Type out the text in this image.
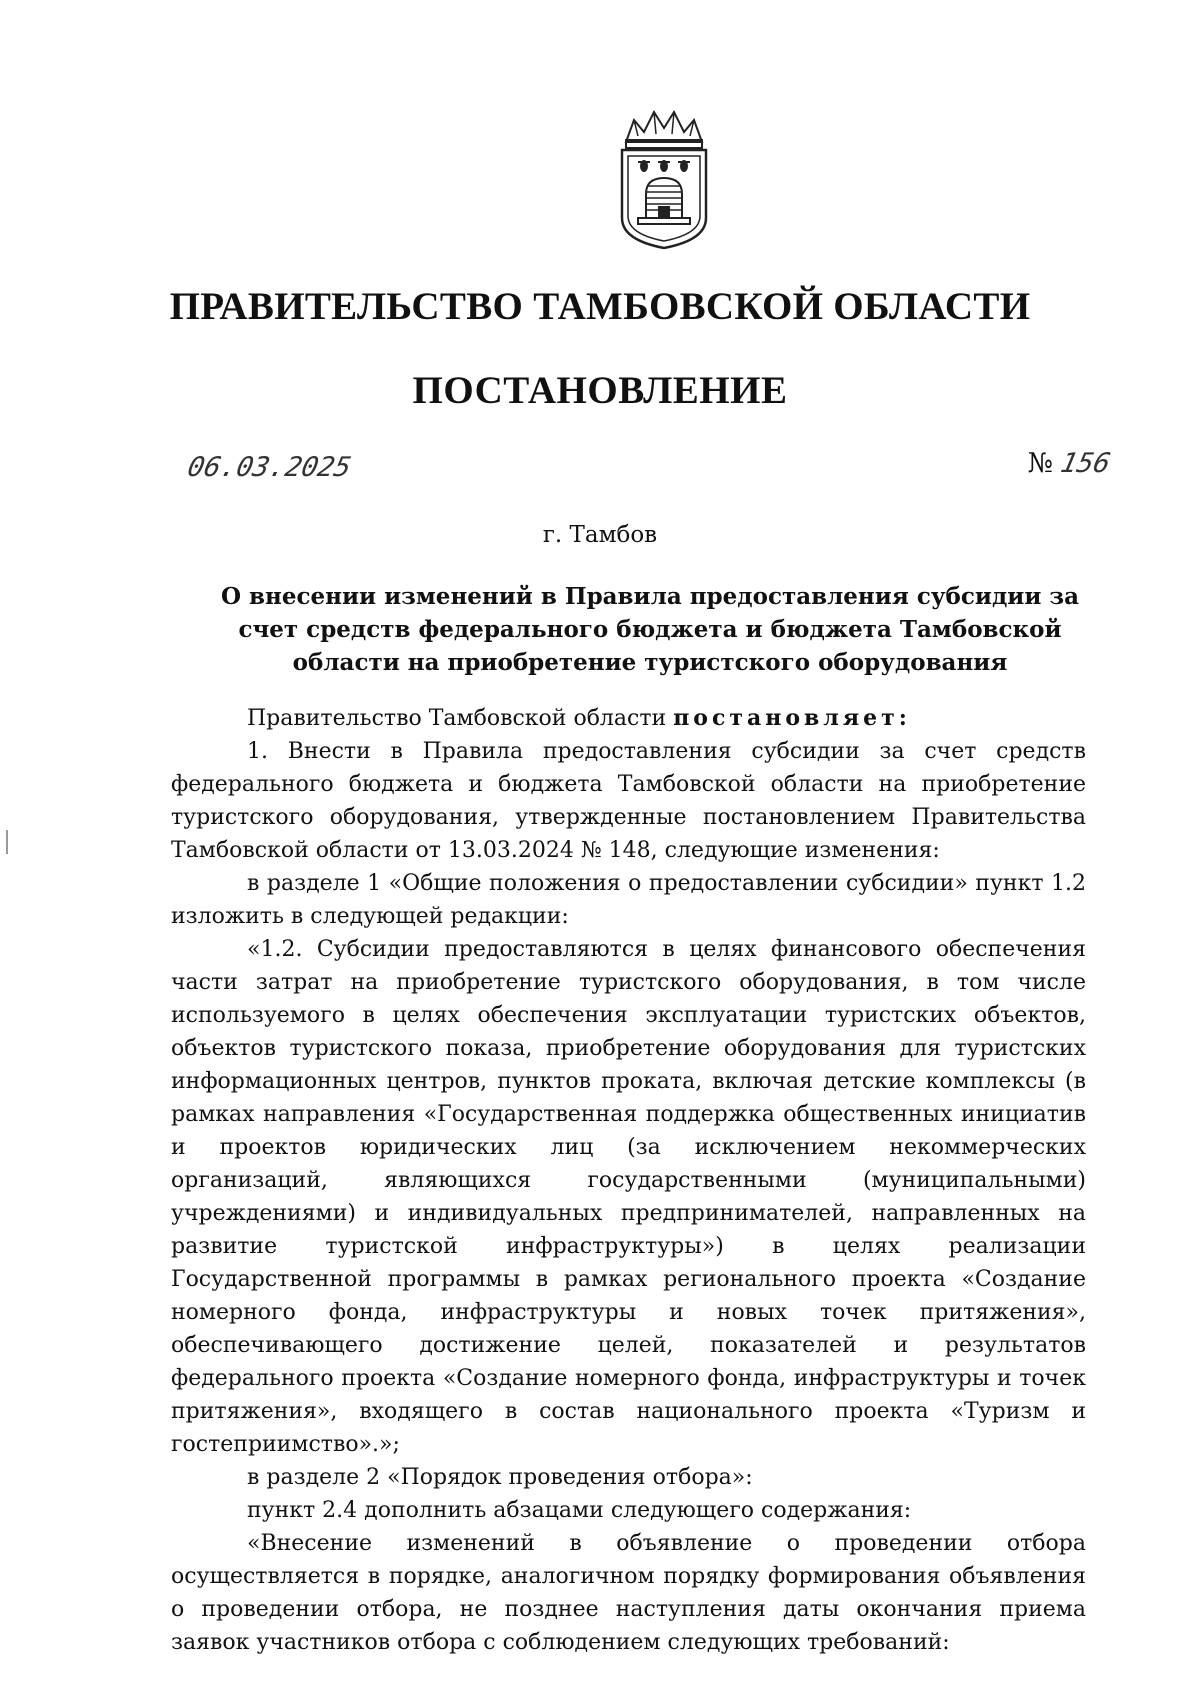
ПРАВИТЕЛЬСТВО ТАМБОВСКОЙ ОБЛАСТИ
ПОСТАНОВЛЕНИЕ
06.03.2025	№ 156
г. Тамбов
О внесении изменений в Правила предоставления субсидии за счет средств федерального бюджета и бюджета Тамбовской области на приобретение туристского оборудования

Правительство Тамбовской области постановляет:

1. Внести в Правила предоставления субсидии за счет средств федерального бюджета и бюджета Тамбовской области на приобретение туристского оборудования, утвержденные постановлением Правительства Тамбовской области от 13.03.2024 № 148, следующие изменения:

в разделе 1 «Общие положения о предоставлении субсидии» пункт 1.2 изложить в следующей редакции:

«1.2. Субсидии предоставляются в целях финансового обеспечения части затрат на приобретение туристского оборудования, в том числе используемого в целях обеспечения эксплуатации туристских объектов, объектов туристского показа, приобретение оборудования для туристских информационных центров, пунктов проката, включая детские комплексы (в рамках направления «Государственная поддержка общественных инициатив и проектов юридических лиц (за исключением некоммерческих организаций, являющихся государственными (муниципальными) учреждениями) и индивидуальных предпринимателей, направленных на развитие туристской инфраструктуры») в целях реализации Государственной программы в рамках регионального проекта «Создание номерного фонда, инфраструктуры и новых точек притяжения», обеспечивающего достижение целей, показателей и результатов федерального проекта «Создание номерного фонда, инфраструктуры и точек притяжения», входящего в состав национального проекта «Туризм и гостеприимство».»;

в разделе 2 «Порядок проведения отбора»:

пункт 2.4 дополнить абзацами следующего содержания:

«Внесение изменений в объявление о проведении отбора осуществляется в порядке, аналогичном порядку формирования объявления о проведении отбора, не позднее наступления даты окончания приема заявок участников отбора с соблюдением следующих требований:
